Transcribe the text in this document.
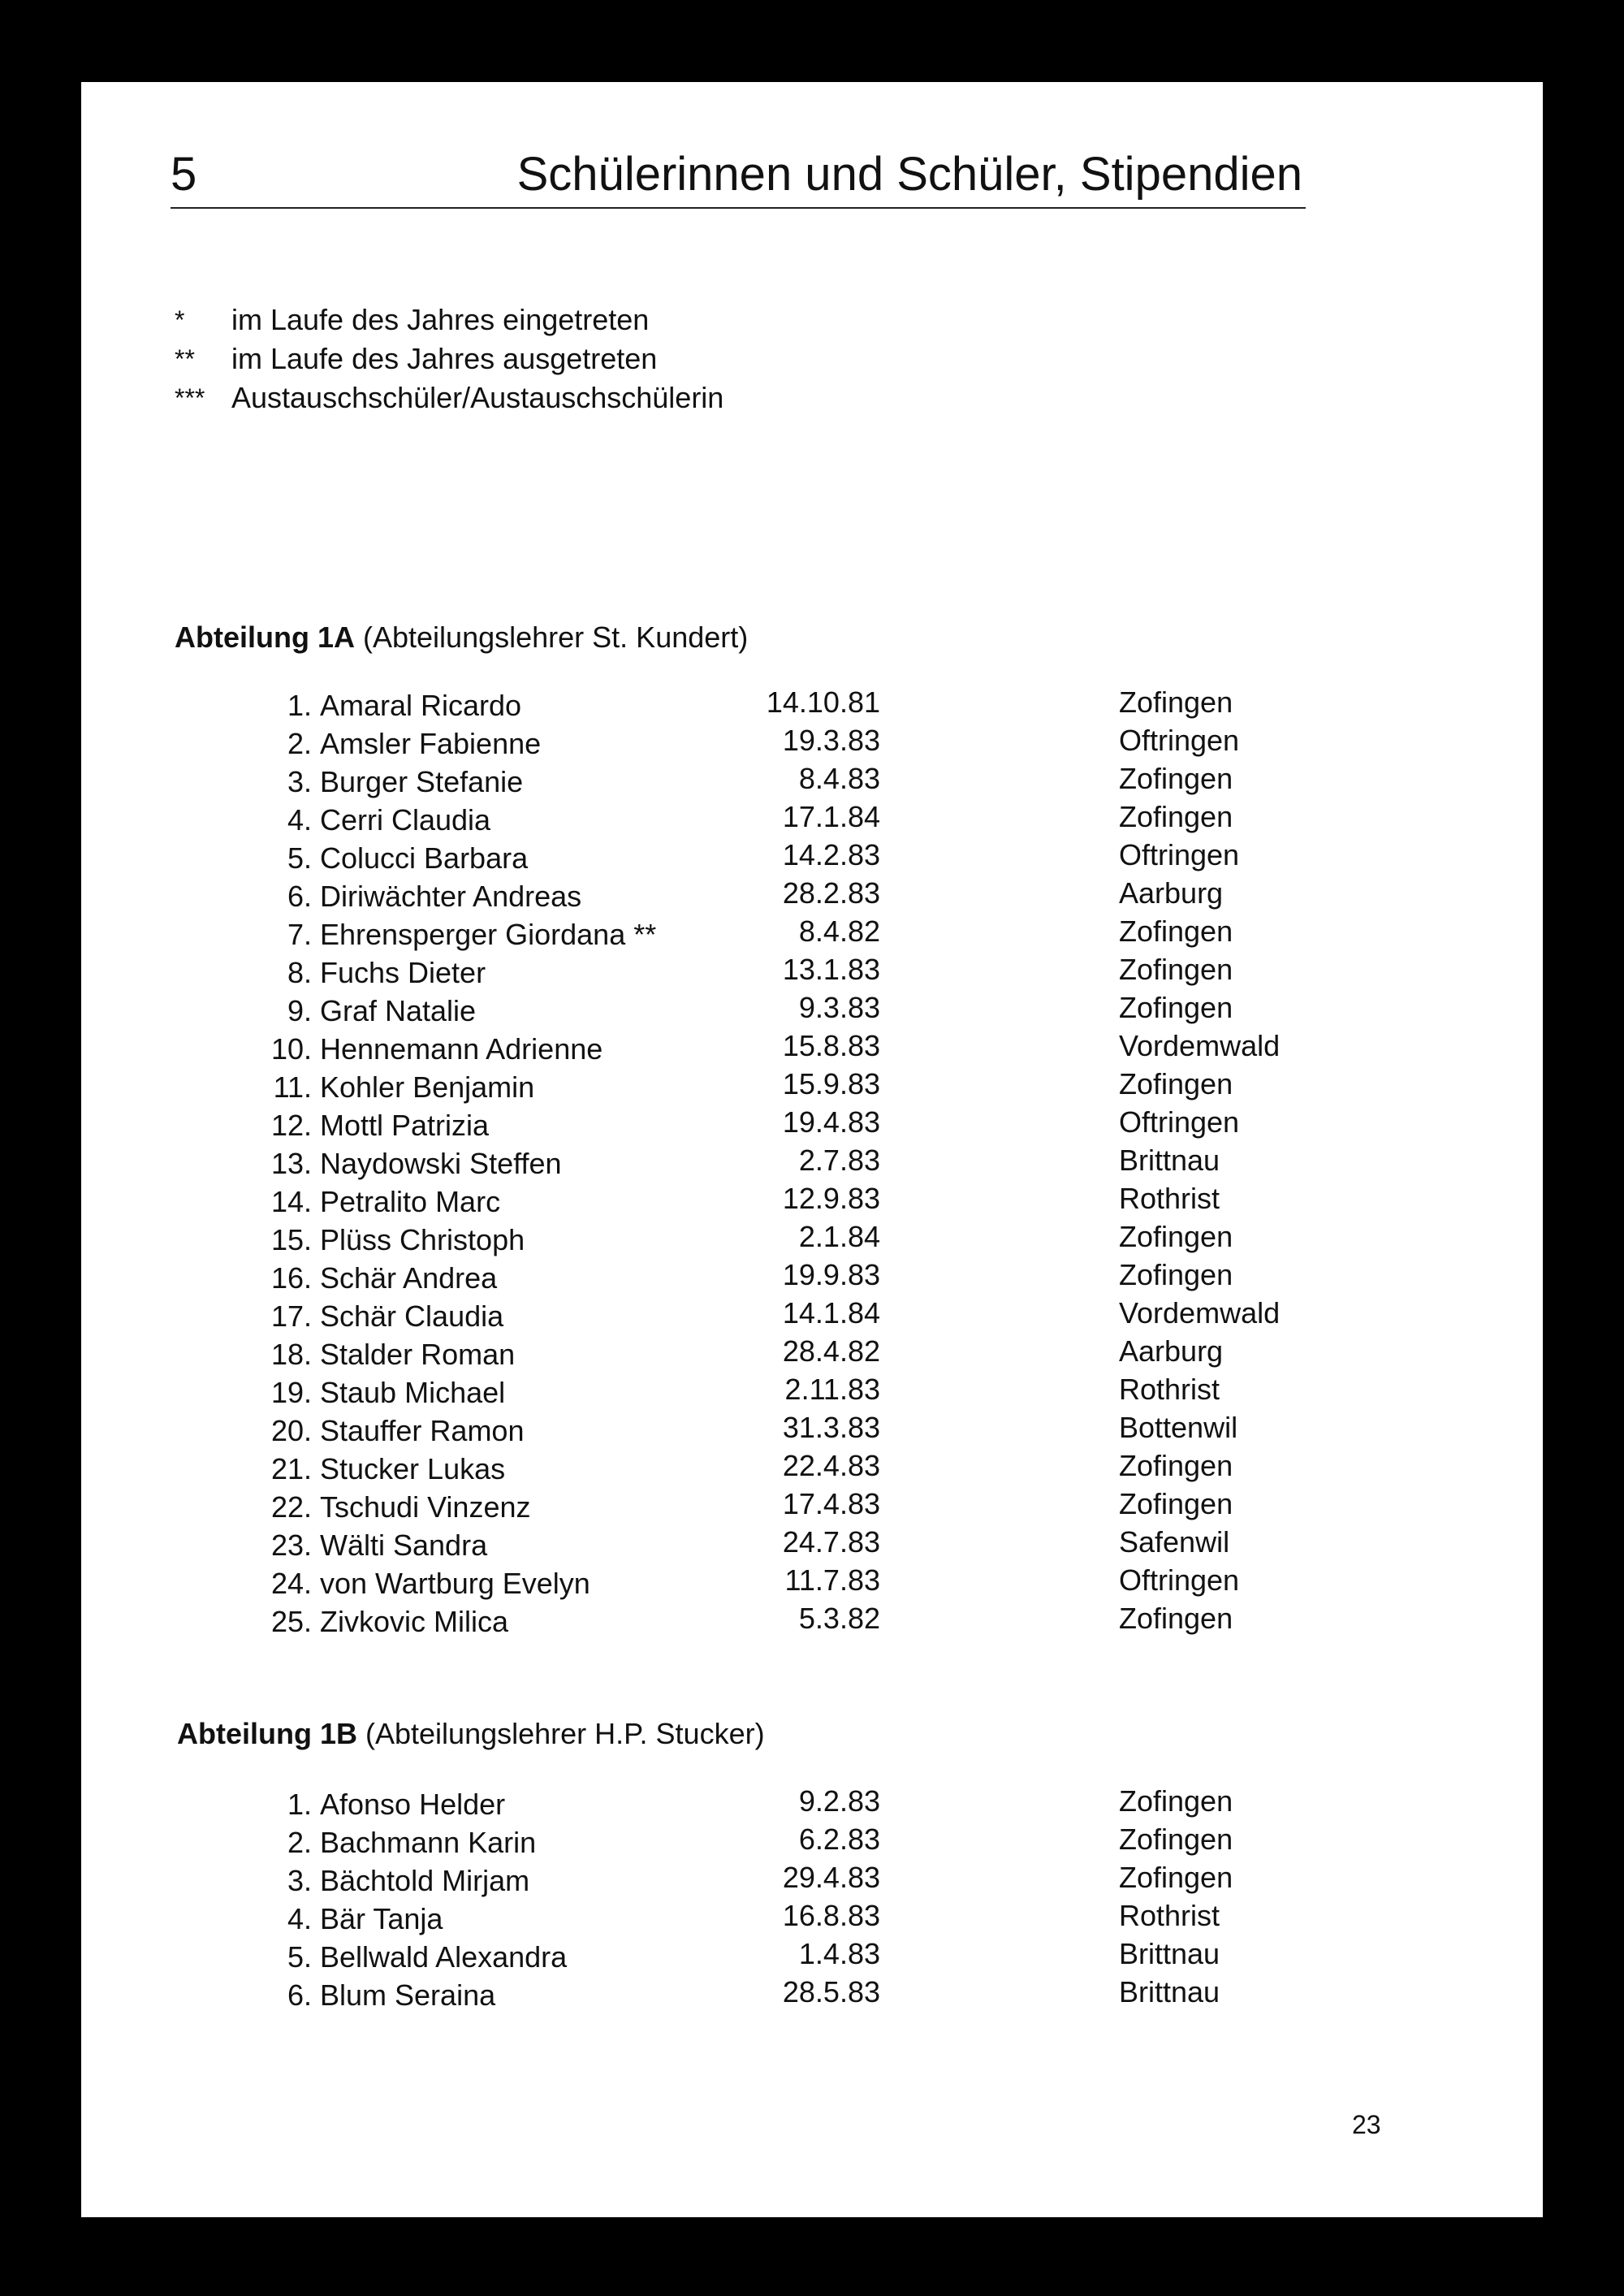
5	Schülerinnen und Schüler, Stipendien
*	im Laufe des Jahres eingetreten
**	im Laufe des Jahres ausgetreten
*** Austauschschüler/Austauschschülerin
Abteilung 1A (Abteilungslehrer St. Kundert)
1. Amaral Ricardo	14.10.81	Zofingen
2. Amsler Fabienne	19.3.83	Oftringen
3. Burger Stefanie	8.4.83	Zofingen
4. Cerri Claudia	17.1.84	Zofingen
5. Colucci Barbara	14.2.83	Oftringen
6. Diriwächter Andreas	28.2.83	Aarburg
7. Ehrensperger Giordana **	8.4.82	Zofingen
8. Fuchs Dieter	13.1.83	Zofingen
9. Graf Natalie	9.3.83	Zofingen
10. Hennemann Adrienne	15.8.83	Vordemwald
11. Kohler Benjamin	15.9.83	Zofingen
12. Mottl Patrizia	19.4.83	Oftringen
13. Naydowski Steffen	2.7.83	Brittnau
14. Petralito Marc	12.9.83	Rothrist
15. Plüss Christoph	2.1.84	Zofingen
16. Schär Andrea	19.9.83	Zofingen
17. Schär Claudia	14.1.84	Vordemwald
18. Stalder Roman	28.4.82	Aarburg
19. Staub Michael	2.11.83	Rothrist
20. Stauffer Ramon	31.3.83	Bottenwil
21. Stucker Lukas	22.4.83	Zofingen
22. Tschudi Vinzenz	17.4.83	Zofingen
23. Wälti Sandra	24.7.83	Safenwil
24. von Wartburg Evelyn	11.7.83	Oftringen
25. Zivkovic Milica	5.3.82	Zofingen
Abteilung 1B (Abteilungslehrer H.P. Stucker)
1. Afonso Helder	9.2.83	Zofingen
2. Bachmann Karin	6.2.83	Zofingen
3. Bächtold Mirjam	29.4.83	Zofingen
4. Bär Tanja	16.8.83	Rothrist
5. Bellwald Alexandra	1.4.83	Brittnau
6. Blum Seraina	28.5.83	Brittnau
23
